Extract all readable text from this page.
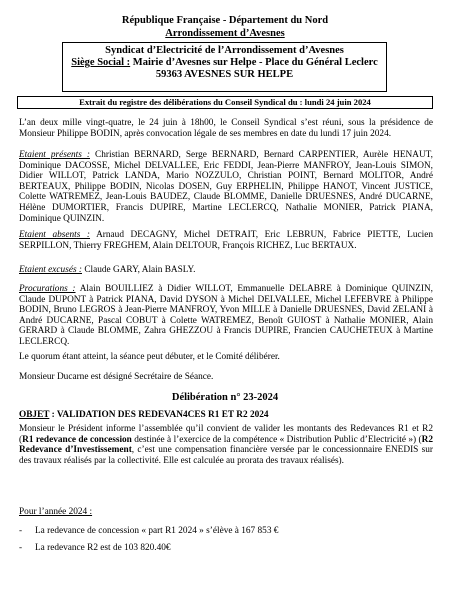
République Française - Département du Nord
Arrondissement d’Avesnes
Syndicat d’Electricité de l’Arrondissement d’Avesnes
Siège Social : Mairie d’Avesnes sur Helpe - Place du Général Leclerc
59363 AVESNES SUR HELPE
Extrait du registre des délibérations du Conseil Syndical du : lundi 24 juin 2024
L’an deux mille vingt-quatre, le 24 juin à 18h00, le Conseil Syndical s’est réuni, sous la présidence de Monsieur Philippe BODIN, après convocation légale de ses membres en date du lundi 17 juin 2024.
Etaient présents : Christian BERNARD, Serge BERNARD, Bernard CARPENTIER, Aurèle HENAUT, Dominique DACOSSE, Michel DELVALLEE, Eric FEDDI, Jean-Pierre MANFROY, Jean-Louis SIMON, Didier WILLOT, Patrick LANDA, Mario NOZZULO, Christian POINT, Bernard MOLITOR, André BERTEAUX, Philippe BODIN, Nicolas DOSEN, Guy ERPHELIN, Philippe HANOT, Vincent JUSTICE, Colette WATREMEZ, Jean-Louis BAUDEZ, Claude BLOMME, Danielle DRUESNES, André DUCARNE, Hélène DUMORTIER, Francis DUPIRE, Martine LECLERCQ, Nathalie MONIER, Patrick PIANA, Dominique QUINZIN.
Etaient absents : Arnaud DECAGNY, Michel DETRAIT, Eric LEBRUN, Fabrice PIETTE, Lucien SERPILLON, Thierry FREGHEM, Alain DELTOUR, François RICHEZ, Luc BERTAUX.
Etaient excusés : Claude GARY, Alain BASLY.
Procurations : Alain BOUILLIEZ à Didier WILLOT, Emmanuelle DELABRE à Dominique QUINZIN, Claude DUPONT à Patrick PIANA, David DYSON à Michel DELVALLEE, Michel LEFEBVRE à Philippe BODIN, Bruno LEGROS à Jean-Pierre MANFROY, Yvon MILLE à Danielle DRUESNES, David ZELANI à André DUCARNE, Pascal COBUT à Colette WATREMEZ, Benoît GUIOST à Nathalie MONIER, Alain GERARD à Claude BLOMME, Zahra GHEZZOU à Francis DUPIRE, Francien CAUCHETEUX à Martine LECLERCQ.
Le quorum étant atteint, la séance peut débuter, et le Comité délibérer.
Monsieur Ducarne est désigné Secrétaire de Séance.
Délibération n° 23-2024
OBJET : VALIDATION DES REDEVAN4CES R1 ET R2 2024
Monsieur le Président informe l’assemblée qu’il convient de valider les montants des Redevances R1 et R2 (R1 redevance de concession destinée à l’exercice de la compétence « Distribution Public d’Electricité ») (R2 Redevance d’Investissement, c’est une compensation financière versée par le concessionnaire ENEDIS sur des travaux réalisés par la collectivité. Elle est calculée au prorata des travaux réalisés).
Pour l’année 2024 :
- La redevance de concession « part R1 2024 » s’élève à 167 853 €
- La redevance R2 est de 103 820.40€
